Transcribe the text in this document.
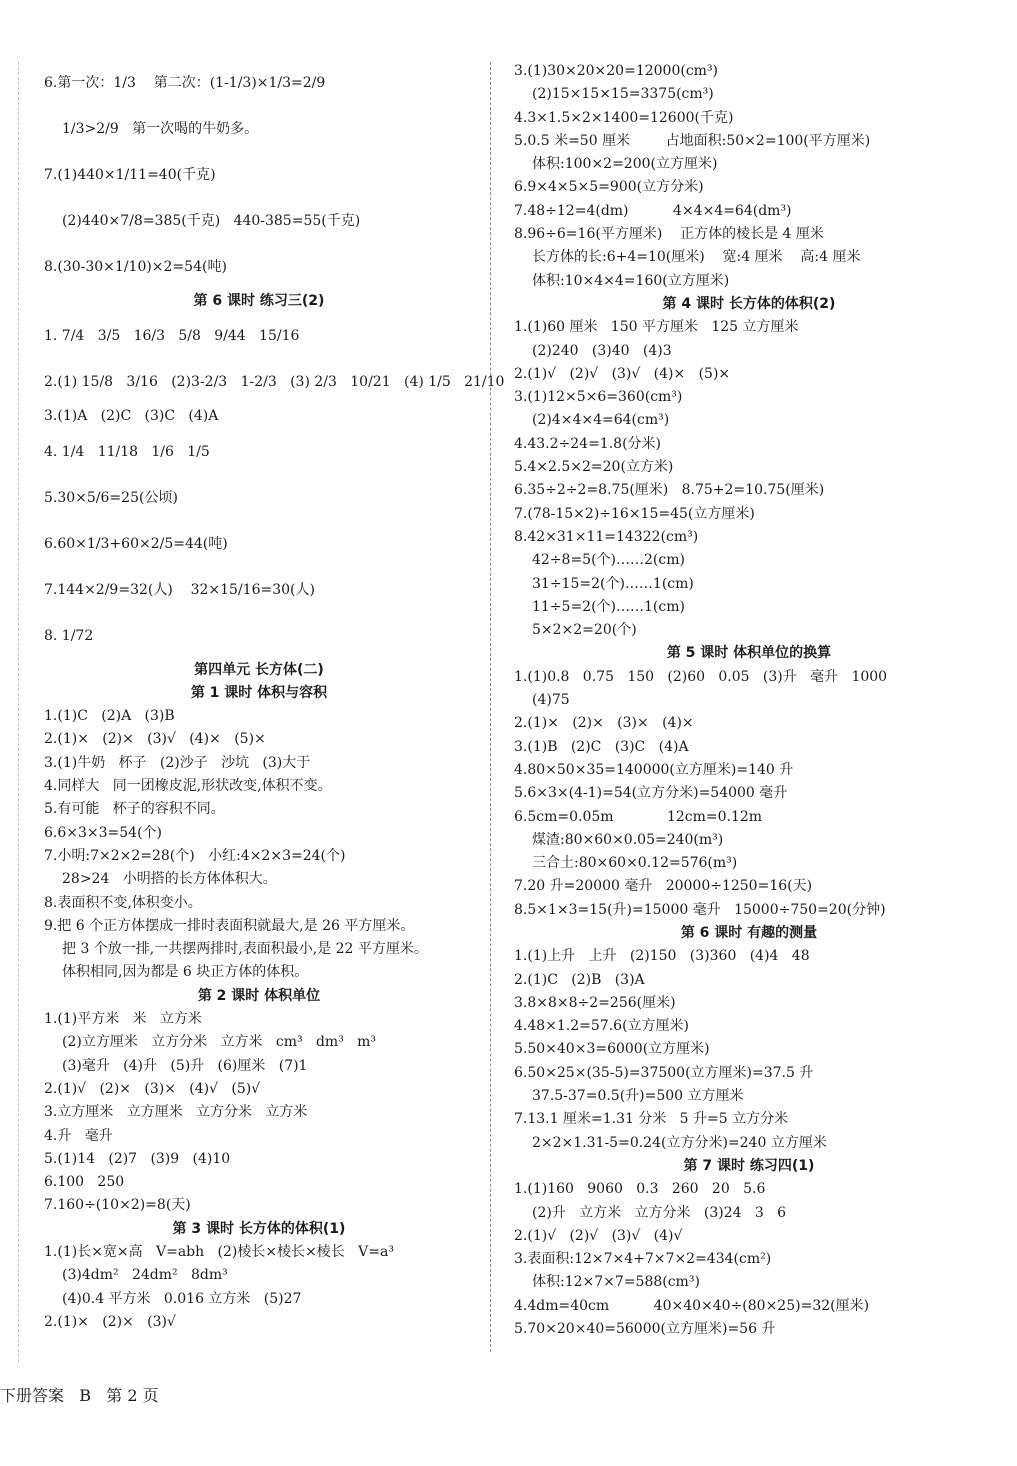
6.第一次：1/3    第二次：(1-1/3)×1/3=2/9
1/3>2/9   第一次喝的牛奶多。
7.(1)440×1/11=40(千克)
(2)440×7/8=385(千克)   440-385=55(千克)
8.(30-30×1/10)×2=54(吨)
第 6 课时 练习三(2)
1. 7/4   3/5   16/3   5/8   9/44   15/16
2.(1) 15/8   3/16   (2)3-2/3   1-2/3   (3) 2/3   10/21   (4) 1/5   21/10
3.(1)A   (2)C   (3)C   (4)A
4. 1/4   11/18   1/6   1/5
5.30×5/6=25(公顷)
6.60×1/3+60×2/5=44(吨)
7.144×2/9=32(人)    32×15/16=30(人)
8. 1/72
第四单元 长方体(二)
第 1 课时 体积与容积
1.(1)C   (2)A   (3)B
2.(1)×   (2)×   (3)√   (4)×   (5)×
3.(1)牛奶   杯子   (2)沙子   沙坑   (3)大于
4.同样大   同一团橡皮泥,形状改变,体积不变。
5.有可能   杯子的容积不同。
6.6×3×3=54(个)
7.小明:7×2×2=28(个)   小红:4×2×3=24(个)
28>24   小明搭的长方体体积大。
8.表面积不变,体积变小。
9.把 6 个正方体摆成一排时表面积就最大,是 26 平方厘米。
把 3 个放一排,一共摆两排时,表面积最小,是 22 平方厘米。
体积相同,因为都是 6 块正方体的体积。
第 2 课时 体积单位
1.(1)平方米   米   立方米
(2)立方厘米   立方分米   立方米   cm³   dm³   m³
(3)毫升   (4)升   (5)升   (6)厘米   (7)1
2.(1)√   (2)×   (3)×   (4)√   (5)√
3.立方厘米   立方厘米   立方分米   立方米
4.升   毫升
5.(1)14   (2)7   (3)9   (4)10
6.100   250
7.160÷(10×2)=8(天)
第 3 课时 长方体的体积(1)
1.(1)长×宽×高   V=abh   (2)棱长×棱长×棱长   V=a³
(3)4dm²   24dm²   8dm³
(4)0.4 平方米   0.016 立方米   (5)27
2.(1)×   (2)×   (3)√
3.(1)30×20×20=12000(cm³)
(2)15×15×15=3375(cm³)
4.3×1.5×2×1400=12600(千克)
5.0.5 米=50 厘米        占地面积:50×2=100(平方厘米)
体积:100×2=200(立方厘米)
6.9×4×5×5=900(立方分米)
7.48÷12=4(dm)          4×4×4=64(dm³)
8.96÷6=16(平方厘米)    正方体的棱长是 4 厘米
长方体的长:6+4=10(厘米)    宽:4 厘米    高:4 厘米
体积:10×4×4=160(立方厘米)
第 4 课时 长方体的体积(2)
1.(1)60 厘米   150 平方厘米   125 立方厘米
(2)240   (3)40   (4)3
2.(1)√   (2)√   (3)√   (4)×   (5)×
3.(1)12×5×6=360(cm³)
(2)4×4×4=64(cm³)
4.43.2÷24=1.8(分米)
5.4×2.5×2=20(立方米)
6.35÷2÷2=8.75(厘米)   8.75+2=10.75(厘米)
7.(78-15×2)÷16×15=45(立方厘米)
8.42×31×11=14322(cm³)
42÷8=5(个)……2(cm)
31÷15=2(个)……1(cm)
11÷5=2(个)……1(cm)
5×2×2=20(个)
第 5 课时 体积单位的换算
1.(1)0.8   0.75   150   (2)60   0.05   (3)升   毫升   1000
(4)75
2.(1)×   (2)×   (3)×   (4)×
3.(1)B   (2)C   (3)C   (4)A
4.80×50×35=140000(立方厘米)=140 升
5.6×3×(4-1)=54(立方分米)=54000 毫升
6.5cm=0.05m            12cm=0.12m
煤渣:80×60×0.05=240(m³)
三合土:80×60×0.12=576(m³)
7.20 升=20000 毫升   20000÷1250=16(天)
8.5×1×3=15(升)=15000 毫升   15000÷750=20(分钟)
第 6 课时 有趣的测量
1.(1)上升   上升   (2)150   (3)360   (4)4   48
2.(1)C   (2)B   (3)A
3.8×8×8÷2=256(厘米)
4.48×1.2=57.6(立方厘米)
5.50×40×3=6000(立方厘米)
6.50×25×(35-5)=37500(立方厘米)=37.5 升
37.5-37=0.5(升)=500 立方厘米
7.13.1 厘米=1.31 分米   5 升=5 立方分米
2×2×1.31-5=0.24(立方分米)=240 立方厘米
第 7 课时 练习四(1)
1.(1)160   9060   0.3   260   20   5.6
(2)升   立方米   立方分米   (3)24   3   6
2.(1)√   (2)√   (3)√   (4)√
3.表面积:12×7×4+7×7×2=434(cm²)
体积:12×7×7=588(cm³)
4.4dm=40cm          40×40×40÷(80×25)=32(厘米)
5.70×20×40=56000(立方厘米)=56 升
下册答案   B   第 2 页
